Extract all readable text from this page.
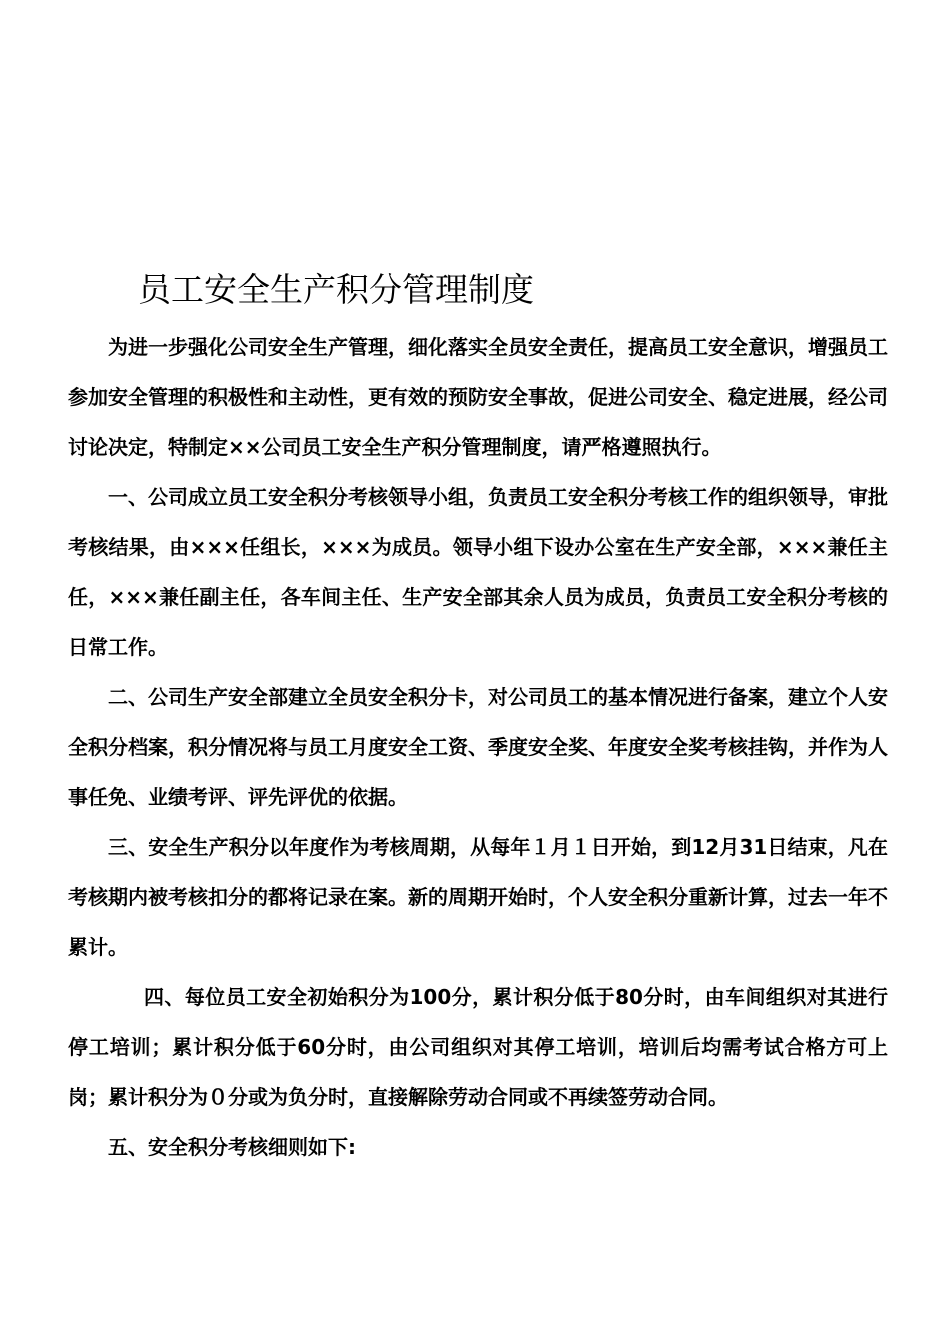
员工安全生产积分管理制度

为进一步强化公司安全生产管理，细化落实全员安全责任，提高员工安全意识，增强员工参加安全管理的积极性和主动性，更有效的预防安全事故，促进公司安全、稳定进展，经公司讨论决定，特制定××公司员工安全生产积分管理制度，请严格遵照执行。

一、公司成立员工安全积分考核领导小组，负责员工安全积分考核工作的组织领导，审批考核结果，由×××任组长，×××为成员。领导小组下设办公室在生产安全部，×××兼任主任，×××兼任副主任，各车间主任、生产安全部其余人员为成员，负责员工安全积分考核的日常工作。

二、公司生产安全部建立全员安全积分卡，对公司员工的基本情况进行备案，建立个人安全积分档案，积分情况将与员工月度安全工资、季度安全奖、年度安全奖考核挂钩，并作为人事任免、业绩考评、评先评优的依据。

三、安全生产积分以年度作为考核周期，从每年１月１日开始，到12月31日结束，凡在考核期内被考核扣分的都将记录在案。新的周期开始时，个人安全积分重新计算，过去一年不累计。

四、每位员工安全初始积分为100分，累计积分低于80分时，由车间组织对其进行停工培训；累计积分低于60分时，由公司组织对其停工培训，培训后均需考试合格方可上岗；累计积分为０分或为负分时，直接解除劳动合同或不再续签劳动合同。

五、安全积分考核细则如下:
